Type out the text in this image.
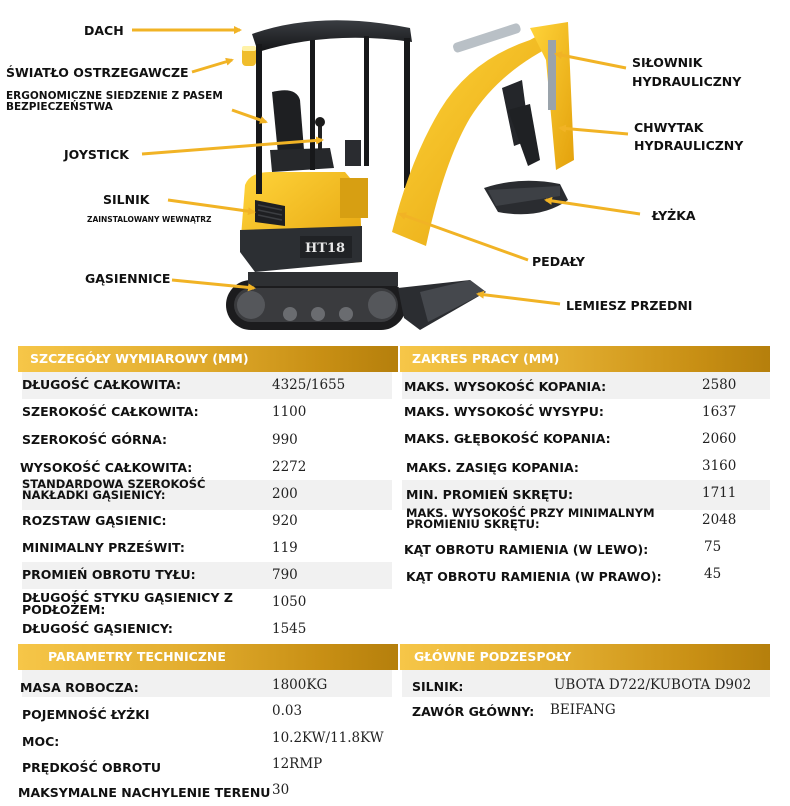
HT18
DACH
ŚWIATŁO OSTRZEGAWCZE
ERGONOMICZNE SIEDZENIE Z PASEM
BEZPIECZEŃSTWA
JOYSTICK
SILNIK
ZAINSTALOWANY WEWNĄTRZ
GĄSIENNICE
SIŁOWNIK
HYDRAULICZNY
CHWYTAK
HYDRAULICZNY
ŁYŻKA
PEDAŁY
LEMIESZ PRZEDNI
SZCZEGÓŁY WYMIAROWY (MM)	ZAKRES PRACY (MM)
PARAMETRY TECHNICZNE	GŁÓWNE PODZESPOŁY
DŁUGOŚĆ CAŁKOWITA:	4325/1655
SZEROKOŚĆ CAŁKOWITA:	1100
SZEROKOŚĆ GÓRNA:	990
WYSOKOŚĆ CAŁKOWITA:	2272
STANDARDOWA SZEROKOŚĆ
NAKŁADKI GĄSIENICY:	200
ROZSTAW GĄSIENIC:	920
MINIMALNY PRZEŚWIT:	119
PROMIEŃ OBROTU TYŁU:	790
DŁUGOŚĆ STYKU GĄSIENICY Z
PODŁOŻEM:	1050
DŁUGOŚĆ GĄSIENICY:	1545
MAKS. WYSOKOŚĆ KOPANIA:	2580
MAKS. WYSOKOŚĆ WYSYPU:	1637
MAKS. GŁĘBOKOŚĆ KOPANIA:	2060
MAKS. ZASIĘG KOPANIA:	3160
MIN. PROMIEŃ SKRĘTU:	1711
MAKS. WYSOKOŚĆ PRZY MINIMALNYM
PROMIENIU SKRĘTU:	2048
KĄT OBROTU RAMIENIA (W LEWO):	75
KĄT OBROTU RAMIENIA (W PRAWO):	45
MASA ROBOCZA:	1800KG
POJEMNOŚĆ ŁYŻKI	0.03
MOC:	10.2KW/11.8KW
PRĘDKOŚĆ OBROTU	12RMP
MAKSYMALNE NACHYLENIE TERENU 30
SILNIK:	UBOTA D722/KUBOTA D902
ZAWÓR GŁÓWNY: BEIFANG
